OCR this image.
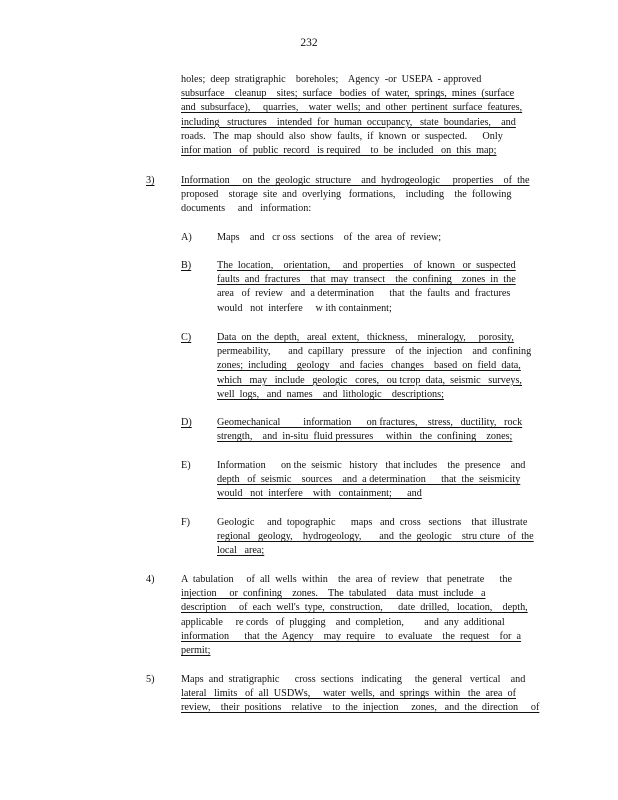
232
holes;  deep  stratigraphic    boreholes;    Agency  -or  USEPA  - approved
subsurface    cleanup    sites;  surface   bodies  of  water,  springs,  mines  (surface
and  subsurface),     quarries,    water  wells;  and  other  pertinent  surface  features,
including   structures    intended  for  human  occupancy,   state  boundaries,    and
roads.   The  map  should  also  show  faults,  if  known  or  suspected.      Only
infor mation   of  public  record   is required    to  be  included   on  this  map;
3)	Information     on  the  geologic  structure    and  hydrogeologic     properties    of  the
proposed    storage  site  and  overlying   formations,    including    the  following
documents     and   information:
A) Maps    and   cr oss  sections    of  the  area  of  review;
B)	The  location,    orientation,     and  properties    of  known   or  suspected
faults  and  fractures    that  may  transect    the  confining    zones  in  the
area   of  review   and  a determination      that  the  faults  and  fractures
would   not  interfere     w ith containment;
C)	Data  on  the  depth,   areal  extent,   thickness,    mineralogy,     porosity,
permeability,       and  capillary   pressure    of  the  injection    and  confining
zones;  including    geology    and  facies   changes    based  on  field  data,
which   may   include   geologic   cores,   ou tcrop  data,  seismic   surveys,
well  logs,   and  names    and  lithologic    descriptions;
D) Geomechanical         information      on fractures,    stress,   ductility,   rock
strength,    and  in-situ  fluid pressures     within   the  confining    zones;
E)	Information      on the  seismic   history   that includes    the  presence    and
depth   of  seismic    sources    and  a determination      that  the  seismicity
would   not  interfere    with   containment;      and
F)	Geologic     and  topographic      maps   and  cross   sections    that  illustrate
regional   geology,    hydrogeology,       and  the  geologic    stru cture   of  the
local   area;
4)	A  tabulation     of  all  wells  within    the  area  of  review   that  penetrate      the
injection     or  confining    zones.    The  tabulated    data  must  include   a
description     of  each  well's  type,  construction,      date  drilled,   location,    depth,
applicable     re cords   of  plugging    and  completion,        and  any  additional
information      that  the  Agency    may  require    to  evaluate    the  request    for  a
permit;
5)	Maps  and  stratigraphic      cross  sections   indicating     the  general   vertical    and
lateral   limits   of  all  USDWs,     water  wells,  and  springs  within   the  area  of
review,    their  positions    relative    to  the  injection     zones,   and  the  direction     of
